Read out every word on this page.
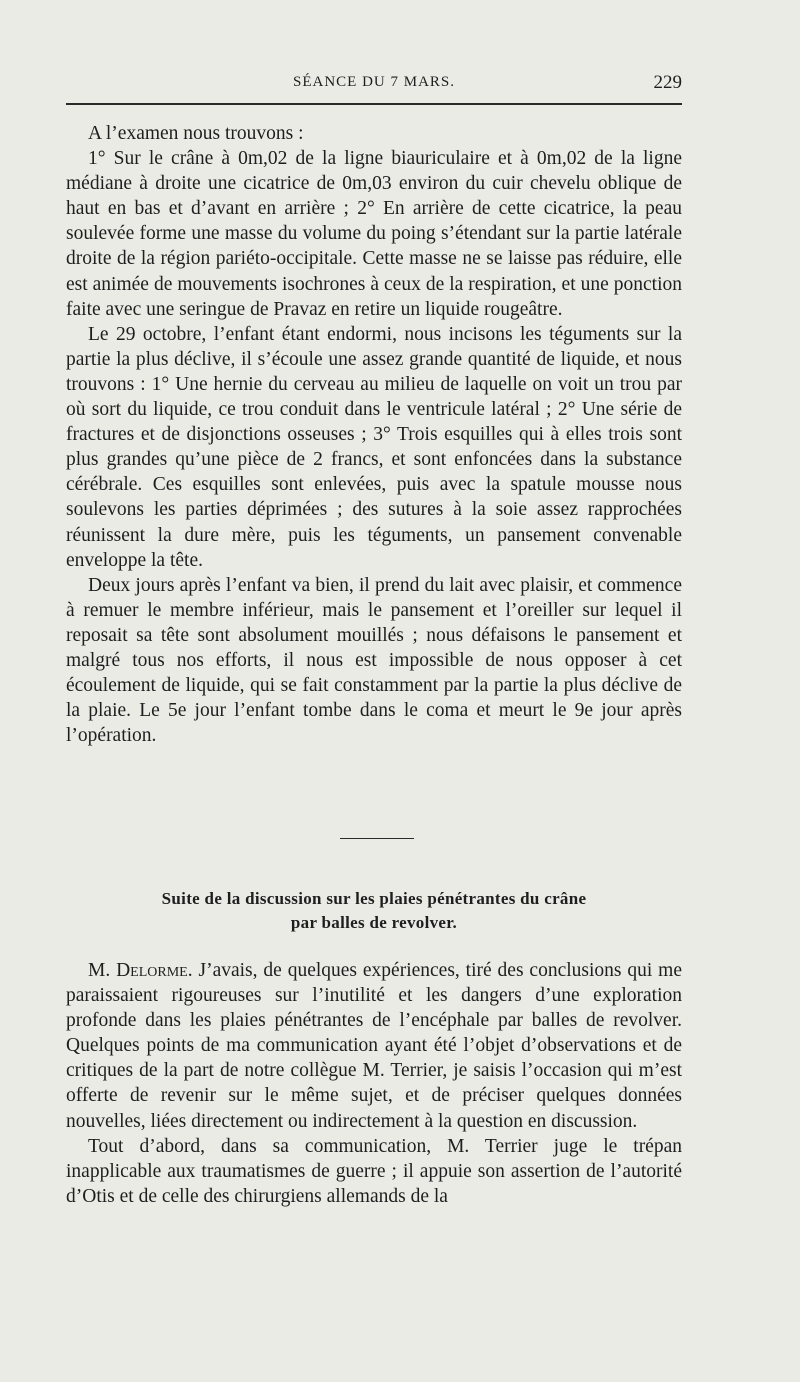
SÉANCE DU 7 MARS.	229

A l’examen nous trouvons :

1° Sur le crâne à 0m,02 de la ligne biauriculaire et à 0m,02 de la ligne médiane à droite une cicatrice de 0m,03 environ du cuir chevelu oblique de haut en bas et d’avant en arrière ; 2° En arrière de cette cicatrice, la peau soulevée forme une masse du volume du poing s’étendant sur la partie latérale droite de la région pariéto-occipitale. Cette masse ne se laisse pas réduire, elle est animée de mouvements isochrones à ceux de la respiration, et une ponction faite avec une seringue de Pravaz en retire un liquide rougeâtre.

Le 29 octobre, l’enfant étant endormi, nous incisons les téguments sur la partie la plus déclive, il s’écoule une assez grande quantité de liquide, et nous trouvons : 1° Une hernie du cerveau au milieu de laquelle on voit un trou par où sort du liquide, ce trou conduit dans le ventricule latéral ; 2° Une série de fractures et de disjonctions osseuses ; 3° Trois esquilles qui à elles trois sont plus grandes qu’une pièce de 2 francs, et sont enfoncées dans la substance cérébrale. Ces esquilles sont enlevées, puis avec la spatule mousse nous soulevons les parties déprimées ; des sutures à la soie assez rapprochées réunissent la dure mère, puis les téguments, un pansement convenable enveloppe la tête.

Deux jours après l’enfant va bien, il prend du lait avec plaisir, et commence à remuer le membre inférieur, mais le pansement et l’oreiller sur lequel il reposait sa tête sont absolument mouillés ; nous défaisons le pansement et malgré tous nos efforts, il nous est impossible de nous opposer à cet écoulement de liquide, qui se fait constamment par la partie la plus déclive de la plaie. Le 5e jour l’enfant tombe dans le coma et meurt le 9e jour après l’opération.

Suite de la discussion sur les plaies pénétrantes du crâne
par balles de revolver.

M. Delorme. J’avais, de quelques expériences, tiré des conclusions qui me paraissaient rigoureuses sur l’inutilité et les dangers d’une exploration profonde dans les plaies pénétrantes de l’encéphale par balles de revolver. Quelques points de ma communication ayant été l’objet d’observations et de critiques de la part de notre collègue M. Terrier, je saisis l’occasion qui m’est offerte de revenir sur le même sujet, et de préciser quelques données nouvelles, liées directement ou indirectement à la question en discussion.

Tout d’abord, dans sa communication, M. Terrier juge le trépan inapplicable aux traumatismes de guerre ; il appuie son assertion de l’autorité d’Otis et de celle des chirurgiens allemands de la
